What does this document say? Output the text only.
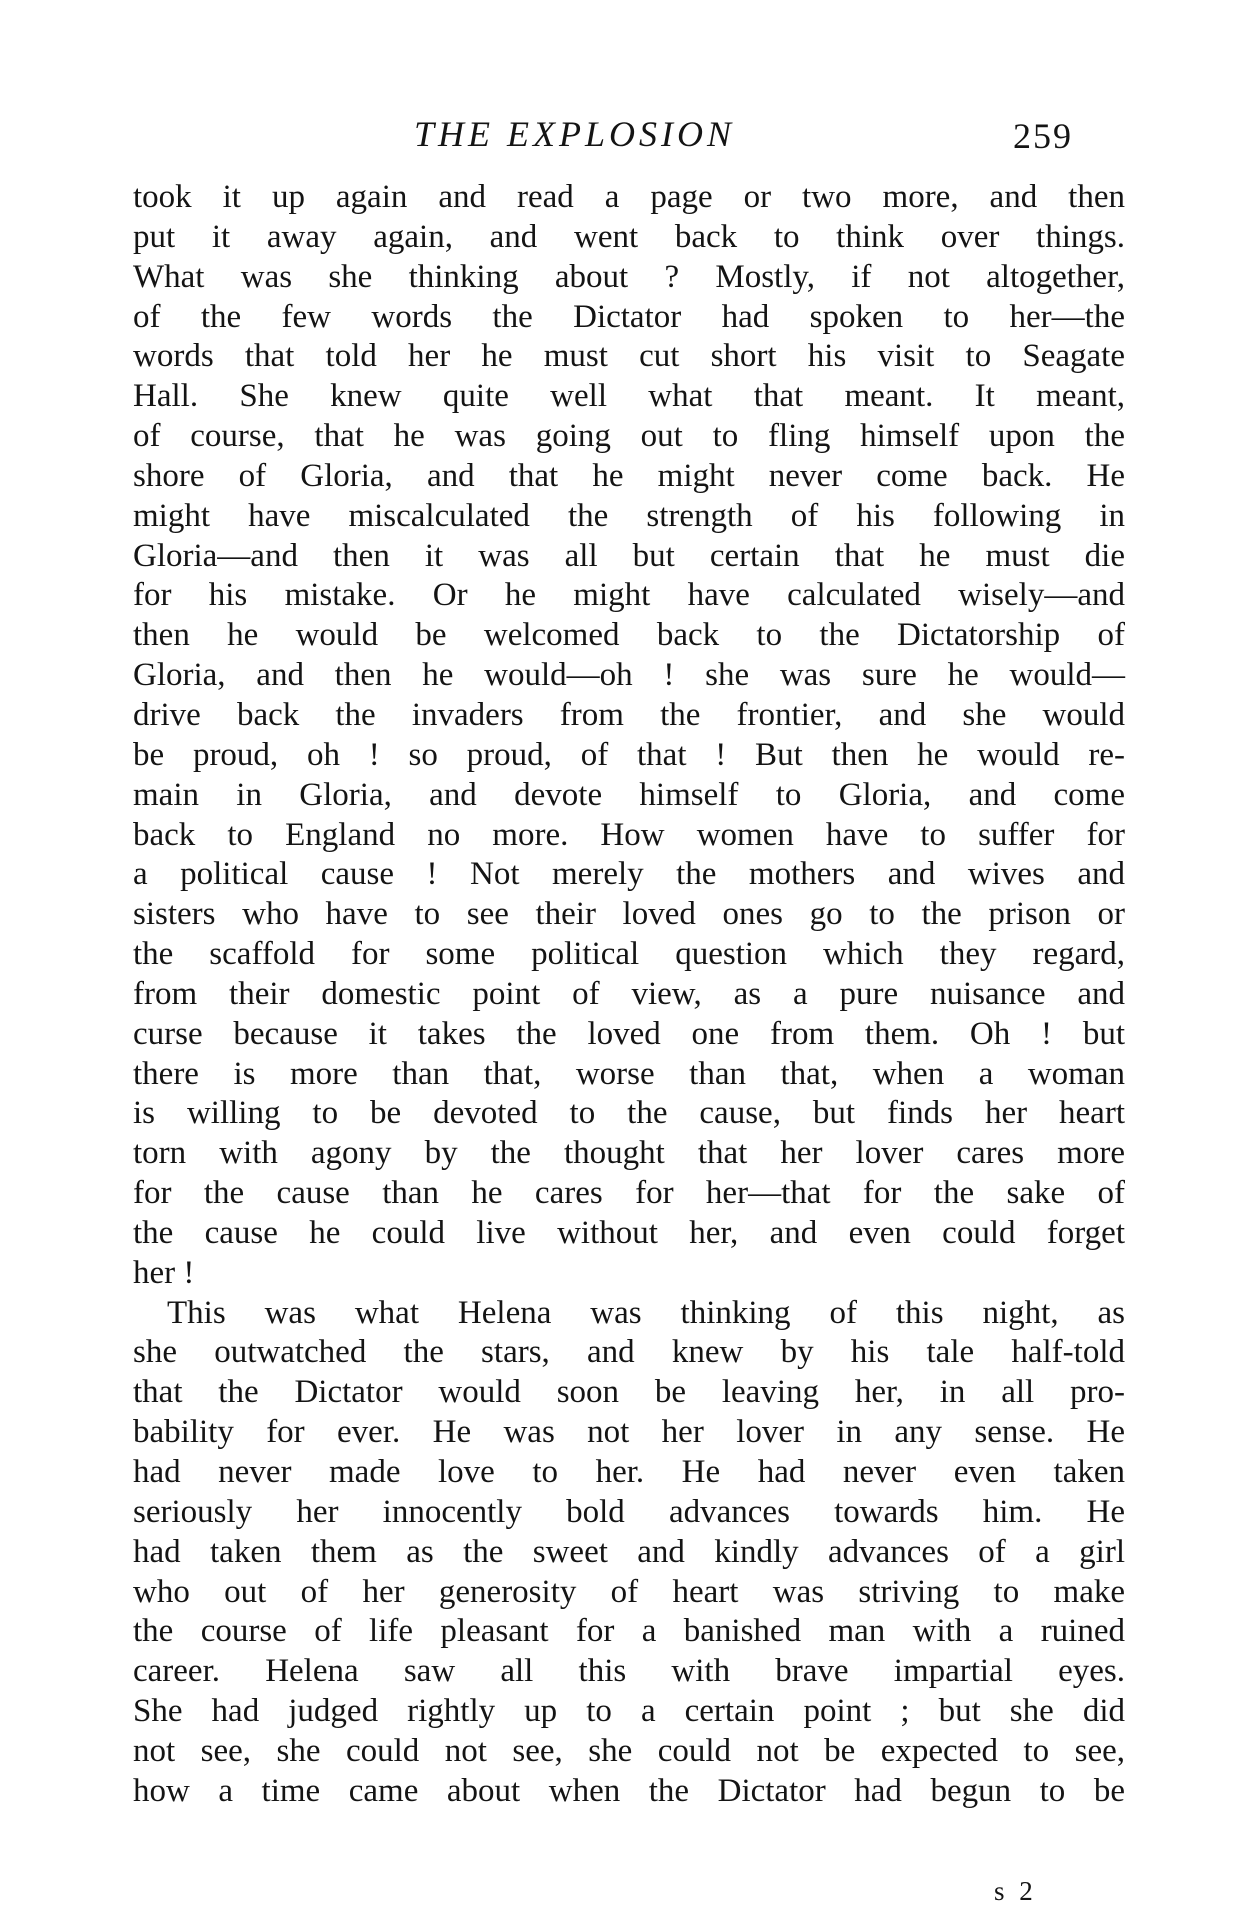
THE EXPLOSION	259
took it up again and read a page or two more, and then
put it away again, and went back to think over things.
What was she thinking about ? Mostly, if not altogether,
of the few words the Dictator had spoken to her—the
words that told her he must cut short his visit to Seagate
Hall. She knew quite well what that meant. It meant,
of course, that he was going out to fling himself upon the
shore of Gloria, and that he might never come back. He
might have miscalculated the strength of his following in
Gloria—and then it was all but certain that he must die
for his mistake. Or he might have calculated wisely—and
then he would be welcomed back to the Dictatorship of
Gloria, and then he would—oh ! she was sure he would—
drive back the invaders from the frontier, and she would
be proud, oh ! so proud, of that ! But then he would re-
main in Gloria, and devote himself to Gloria, and come
back to England no more. How women have to suffer for
a political cause ! Not merely the mothers and wives and
sisters who have to see their loved ones go to the prison or
the scaffold for some political question which they regard,
from their domestic point of view, as a pure nuisance and
curse because it takes the loved one from them. Oh ! but
there is more than that, worse than that, when a woman
is willing to be devoted to the cause, but finds her heart
torn with agony by the thought that her lover cares more
for the cause than he cares for her—that for the sake of
the cause he could live without her, and even could forget
her !
This was what Helena was thinking of this night, as
she outwatched the stars, and knew by his tale half-told
that the Dictator would soon be leaving her, in all pro-
bability for ever. He was not her lover in any sense. He
had never made love to her. He had never even taken
seriously her innocently bold advances towards him. He
had taken them as the sweet and kindly advances of a girl
who out of her generosity of heart was striving to make
the course of life pleasant for a banished man with a ruined
career. Helena saw all this with brave impartial eyes.
She had judged rightly up to a certain point ; but she did
not see, she could not see, she could not be expected to see,
how a time came about when the Dictator had begun to be
s 2
